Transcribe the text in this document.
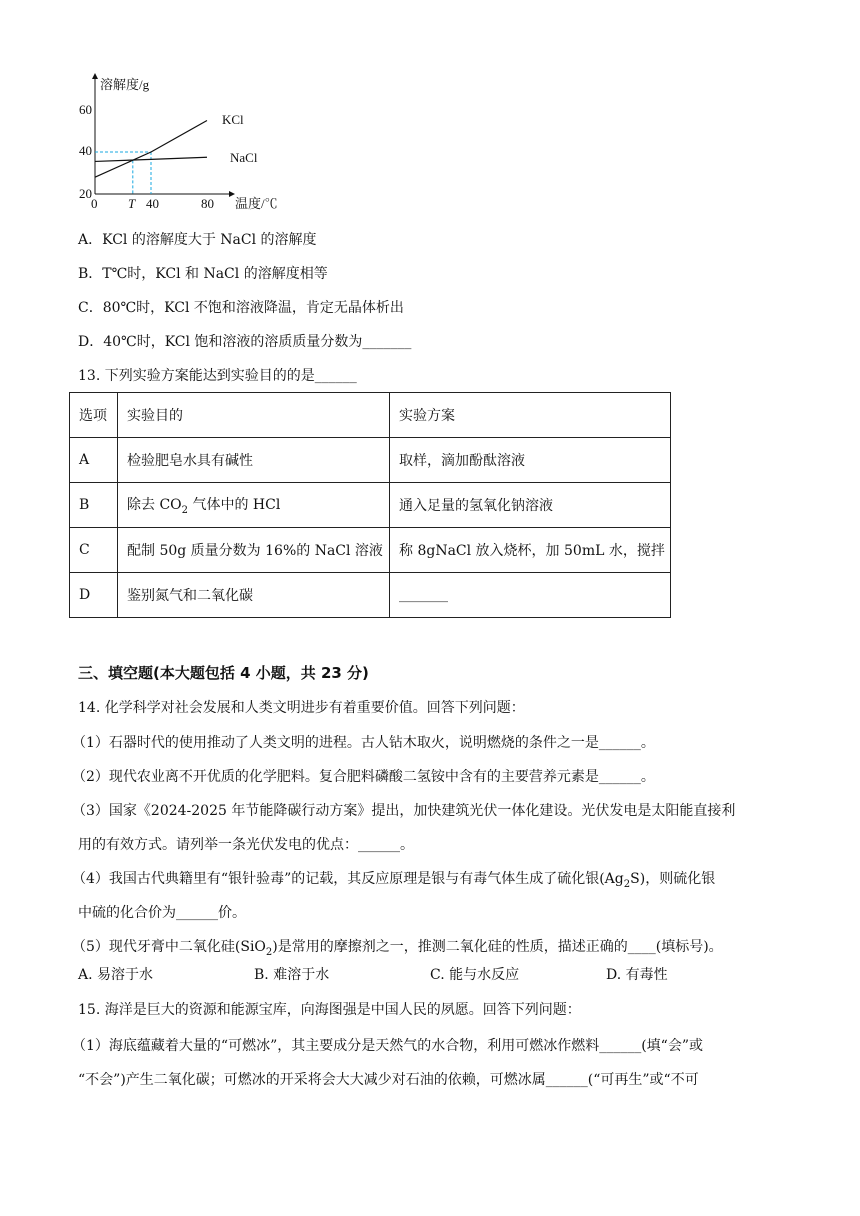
溶解度/g
温度/℃
60
40
20
0 T 40	80
KCl
NaCl
A．KCl 的溶解度大于 NaCl 的溶解度
B．T℃时，KCl 和 NaCl 的溶解度相等
C．80℃时，KCl 不饱和溶液降温，肯定无晶体析出
D．40℃时，KCl 饱和溶液的溶质质量分数为_______
13. 下列实验方案能达到实验目的的是______
选项	实验目的	实验方案
A	检验肥皂水具有碱性	取样，滴加酚酞溶液
B	除去 $CO_2$ 气体中的 HCl	通入足量的氢氧化钠溶液
C	配制 50g 质量分数为 16%的 NaCl 溶液	称 8gNaCl 放入烧杯，加 50mL 水，搅拌
D	鉴别氮气和二氧化碳	_______
三、填空题(本大题包括 4 小题，共 23 分)
14. 化学科学对社会发展和人类文明进步有着重要价值。回答下列问题：
（1）石器时代的使用推动了人类文明的进程。古人钻木取火，说明燃烧的条件之一是______。
（2）现代农业离不开优质的化学肥料。复合肥料磷酸二氢铵中含有的主要营养元素是______。
（3）国家《2024-2025 年节能降碳行动方案》提出，加快建筑光伏一体化建设。光伏发电是太阳能直接利
用的有效方式。请列举一条光伏发电的优点：______。
（4）我国古代典籍里有“银针验毒”的记载，其反应原理是银与有毒气体生成了硫化银$(Ag_2S)$，则硫化银
中硫的化合价为______价。
（5）现代牙膏中二氧化硅(SiO$_2$)是常用的摩擦剂之一，推测二氧化硅的性质，描述正确的____(填标号)。
A. 易溶于水	B. 难溶于水	C. 能与水反应	D. 有毒性
15. 海洋是巨大的资源和能源宝库，向海图强是中国人民的夙愿。回答下列问题：
（1）海底蕴藏着大量的“可燃冰”，其主要成分是天然气的水合物，利用可燃冰作燃料______(填“会”或
“不会”)产生二氧化碳；可燃冰的开采将会大大减少对石油的依赖，可燃冰属______(“可再生”或“不可
